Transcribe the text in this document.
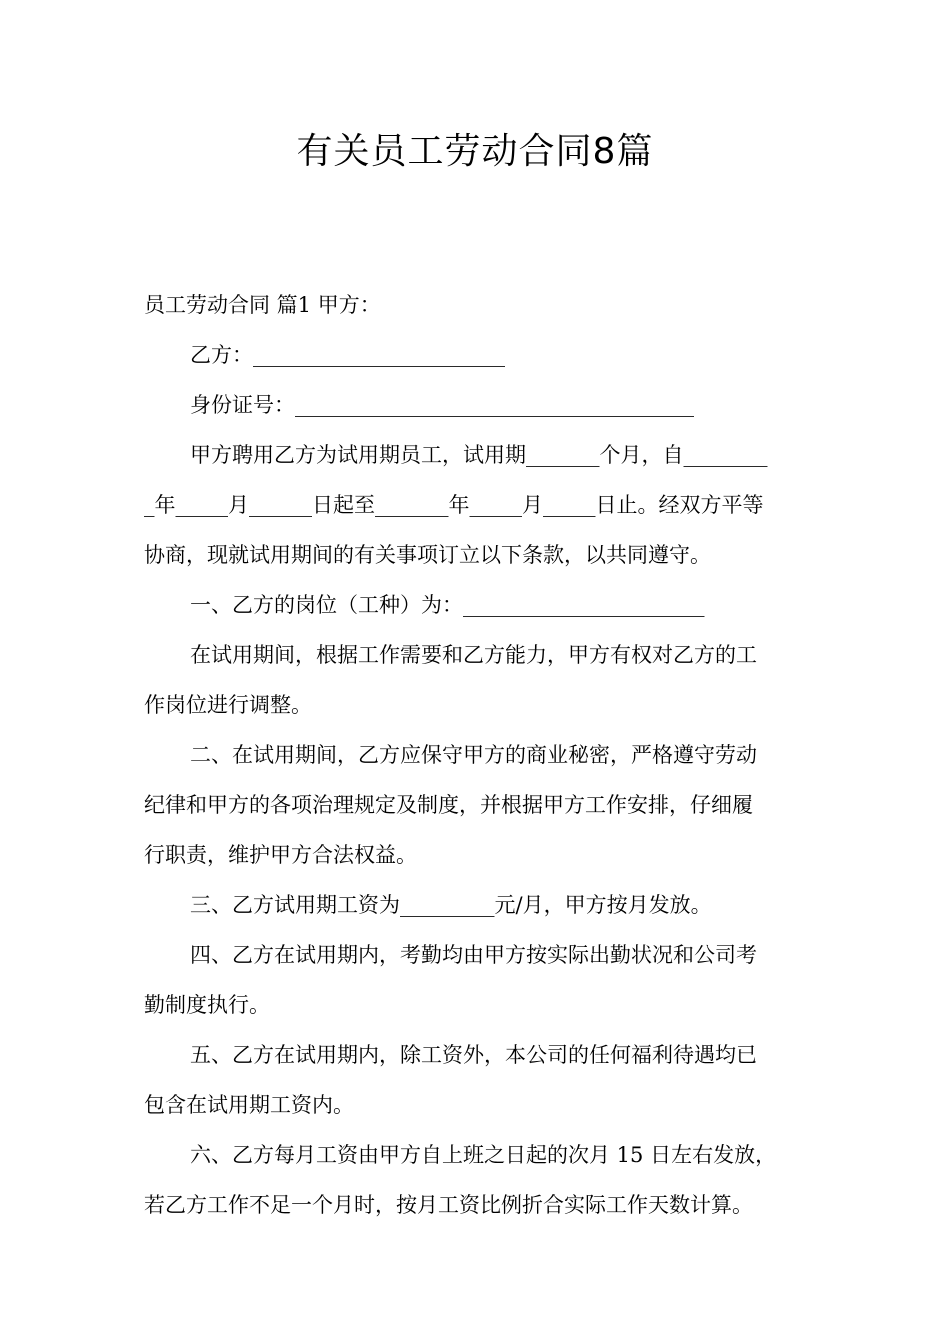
有关员工劳动合同8篇
员工劳动合同 篇1 甲方：
乙方：________________________
身份证号：______________________________________
甲方聘用乙方为试用期员工，试用期_______个月，自________
_年_____月______日起至_______年_____月_____日止。经双方平等
协商，现就试用期间的有关事项订立以下条款，以共同遵守。
一、乙方的岗位（工种）为：_______________________
在试用期间，根据工作需要和乙方能力，甲方有权对乙方的工
作岗位进行调整。
二、在试用期间，乙方应保守甲方的商业秘密，严格遵守劳动
纪律和甲方的各项治理规定及制度，并根据甲方工作安排，仔细履
行职责，维护甲方合法权益。
三、乙方试用期工资为_________元/月，甲方按月发放。
四、乙方在试用期内，考勤均由甲方按实际出勤状况和公司考
勤制度执行。
五、乙方在试用期内，除工资外，本公司的任何福利待遇均已
包含在试用期工资内。
六、乙方每月工资由甲方自上班之日起的次月 15 日左右发放，
若乙方工作不足一个月时，按月工资比例折合实际工作天数计算。
